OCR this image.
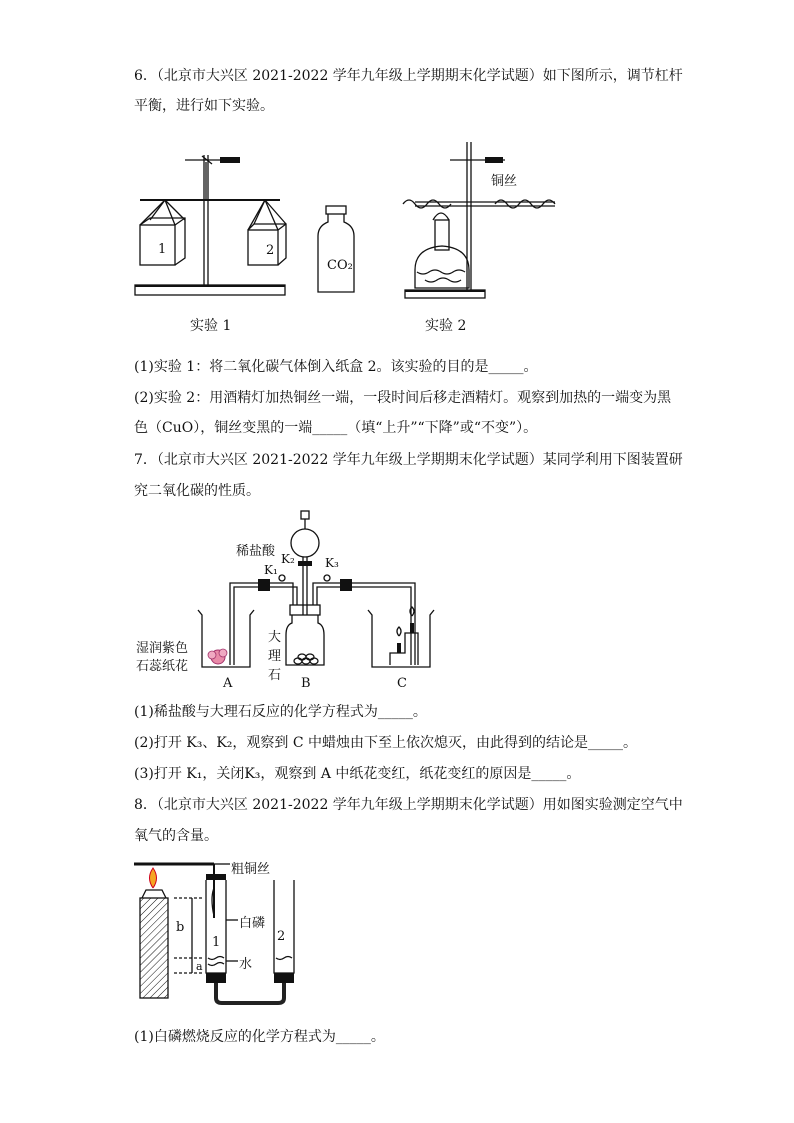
6．（北京市大兴区 2021-2022 学年九年级上学期期末化学试题）如下图所示，调节杠杆
平衡，进行如下实验。
1	2
CO₂
铜丝
实验 1	实验 2
(1)实验 1：将二氧化碳气体倒入纸盒 2。该实验的目的是_____。
(2)实验 2：用酒精灯加热铜丝一端，一段时间后移走酒精灯。观察到加热的一端变为黑
色（CuO），铜丝变黑的一端_____（填“上升”“下降”或“不变”）。
7．（北京市大兴区 2021-2022 学年九年级上学期期末化学试题）某同学利用下图装置研
究二氧化碳的性质。
稀盐酸 K₂
K₁	K₃
湿润紫色
石蕊纸花
大
理
石
A	B	C
(1)稀盐酸与大理石反应的化学方程式为_____。
(2)打开 K₃、K₂，观察到 C 中蜡烛由下至上依次熄灭，由此得到的结论是_____。
(3)打开 K₁，关闭K₃，观察到 A 中纸花变红，纸花变红的原因是_____。
8．（北京市大兴区 2021-2022 学年九年级上学期期末化学试题）用如图实验测定空气中
氧气的含量。
粗铜丝
白磷
水
b
a
1	2
(1)白磷燃烧反应的化学方程式为_____。
